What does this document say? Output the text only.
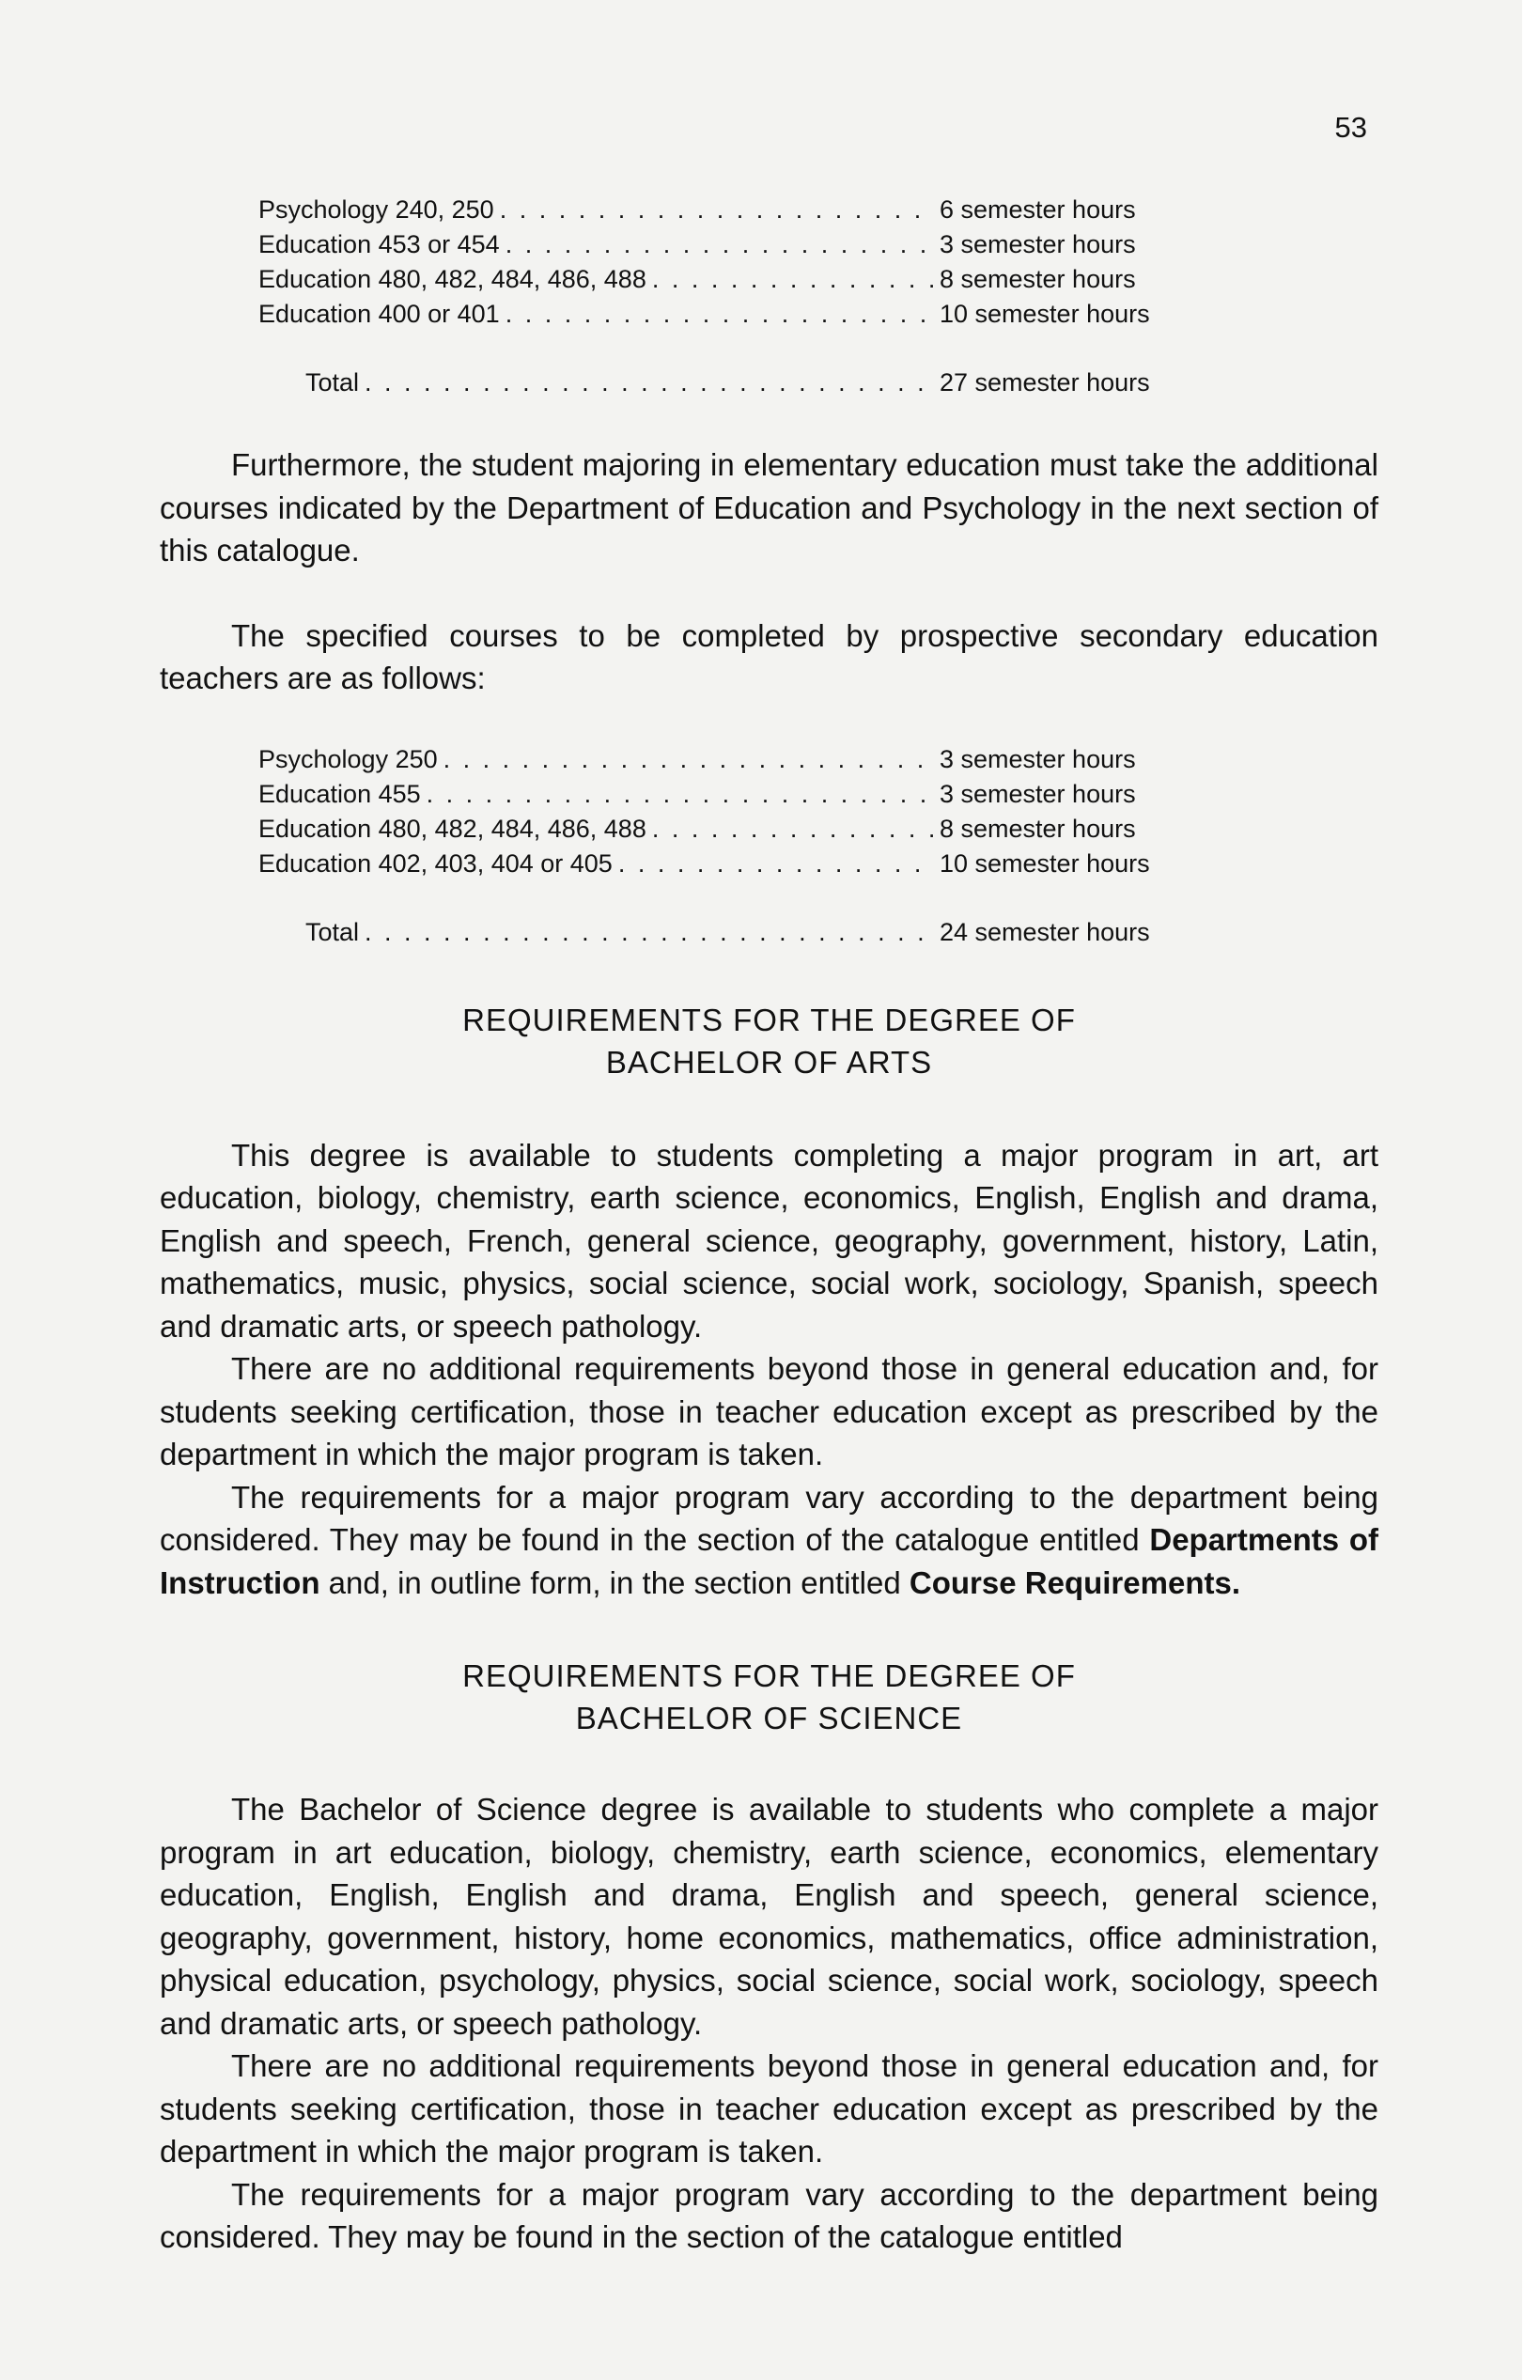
53
Psychology 240, 250 . . .	6 semester hours
Education 453 or 454 . . .	3 semester hours
Education 480, 482, 484, 486, 488 . . .	8 semester hours
Education 400 or 401 . . .	10 semester hours
Total . . .	27 semester hours

Furthermore, the student majoring in elementary education must take the additional courses indicated by the Department of Education and Psychology in the next section of this catalogue.

The specified courses to be completed by prospective secondary education teachers are as follows:

Psychology 250 . . .	3 semester hours
Education 455 . . .	3 semester hours
Education 480, 482, 484, 486, 488 . . .	8 semester hours
Education 402, 403, 404 or 405 . . .	10 semester hours
Total . . .	24 semester hours
REQUIREMENTS FOR THE DEGREE OF
BACHELOR OF ARTS

This degree is available to students completing a major program in art, art education, biology, chemistry, earth science, economics, English, English and drama, English and speech, French, general science, geography, government, history, Latin, mathematics, music, physics, social science, social work, sociology, Spanish, speech and dramatic arts, or speech pathology.

There are no additional requirements beyond those in general education and, for students seeking certification, those in teacher education except as prescribed by the department in which the major program is taken.

The requirements for a major program vary according to the department being considered. They may be found in the section of the catalogue entitled Departments of Instruction and, in outline form, in the section entitled Course Requirements.

REQUIREMENTS FOR THE DEGREE OF
BACHELOR OF SCIENCE

The Bachelor of Science degree is available to students who complete a major program in art education, biology, chemistry, earth science, economics, elementary education, English, English and drama, English and speech, general science, geography, government, history, home economics, mathematics, office administration, physical education, psychology, physics, social science, social work, sociology, speech and dramatic arts, or speech pathology.

There are no additional requirements beyond those in general education and, for students seeking certification, those in teacher education except as prescribed by the department in which the major program is taken.

The requirements for a major program vary according to the department being considered. They may be found in the section of the catalogue entitled
